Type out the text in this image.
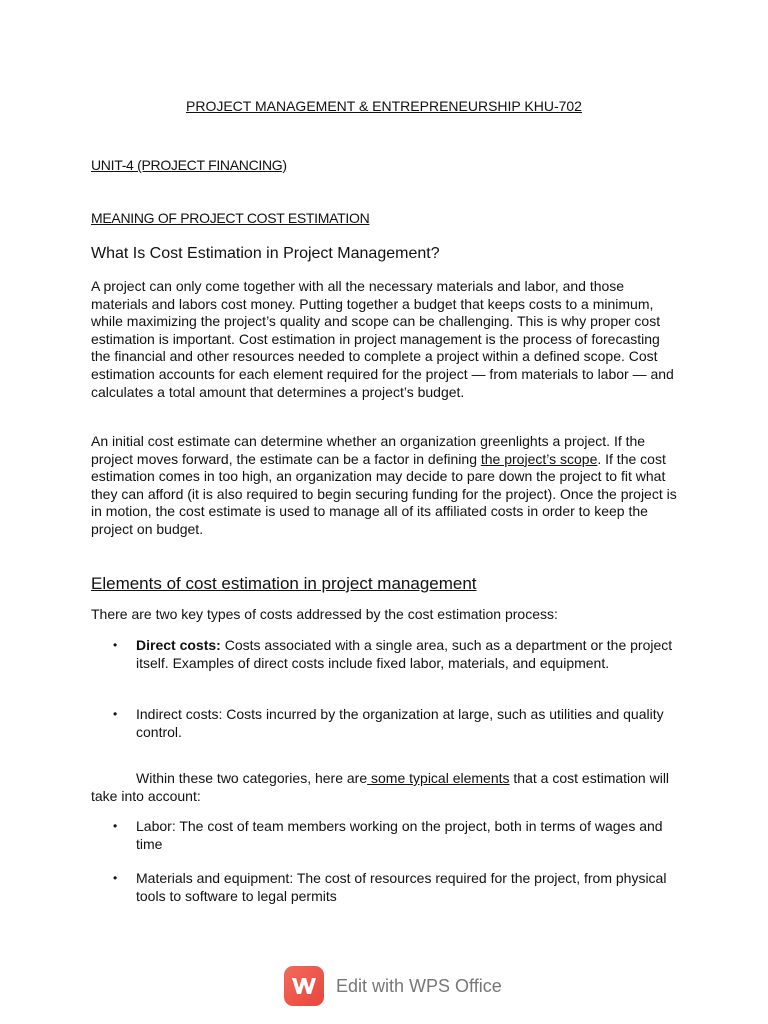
PROJECT MANAGEMENT & ENTREPRENEURSHIP KHU-702
UNIT-4 (PROJECT FINANCING)
MEANING OF PROJECT COST ESTIMATION
What Is Cost Estimation in Project Management?

A project can only come together with all the necessary materials and labor, and those materials and labors cost money. Putting together a budget that keeps costs to a minimum, while maximizing the project’s quality and scope can be challenging. This is why proper cost estimation is important. Cost estimation in project management is the process of forecasting the financial and other resources needed to complete a project within a defined scope. Cost estimation accounts for each element required for the project — from materials to labor — and calculates a total amount that determines a project’s budget.

An initial cost estimate can determine whether an organization greenlights a project. If the project moves forward, the estimate can be a factor in defining the project’s scope. If the cost estimation comes in too high, an organization may decide to pare down the project to fit what they can afford (it is also required to begin securing funding for the project). Once the project is in motion, the cost estimate is used to manage all of its affiliated costs in order to keep the project on budget.

Elements of cost estimation in project management
There are two key types of costs addressed by the cost estimation process:
• Direct costs: Costs associated with a single area, such as a department or the project itself. Examples of direct costs include fixed labor, materials, and equipment.
• Indirect costs: Costs incurred by the organization at large, such as utilities and quality control.

Within these two categories, here are some typical elements that a cost estimation will take into account:

• Labor: The cost of team members working on the project, both in terms of wages and time
• Materials and equipment: The cost of resources required for the project, from physical tools to software to legal permits
Edit with WPS Office
